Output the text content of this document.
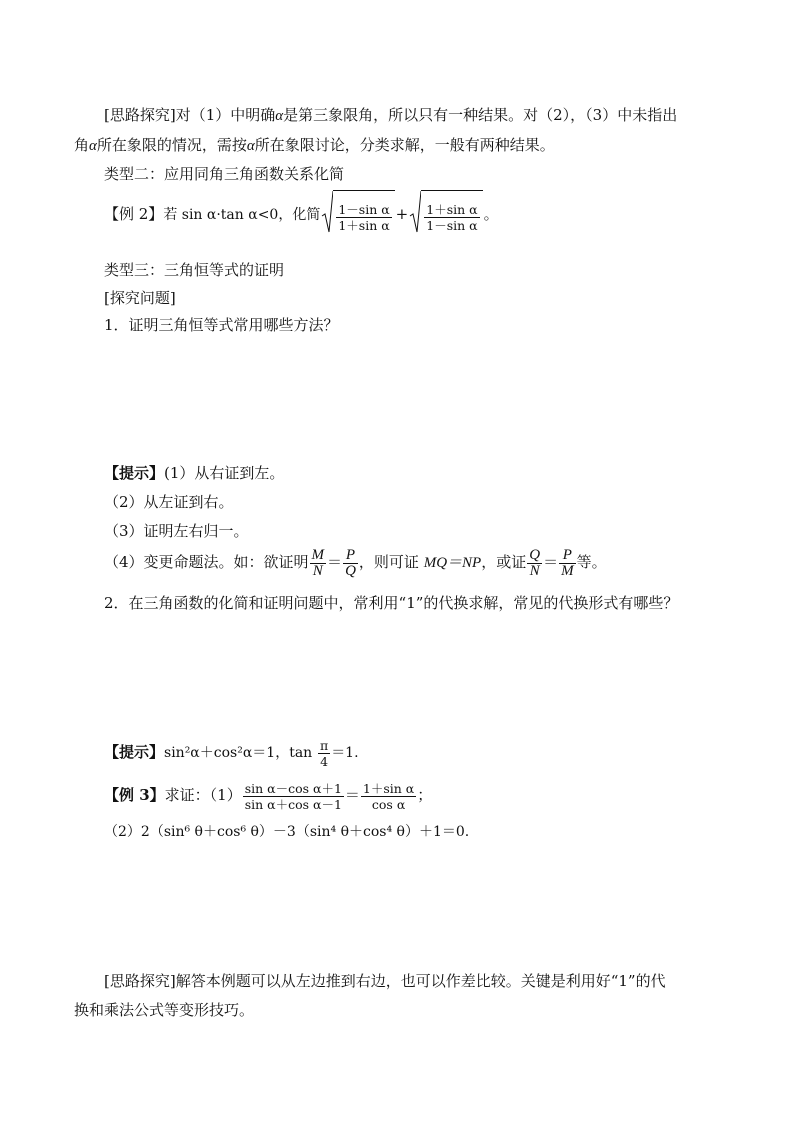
[思路探究]对（1）中明确α是第三象限角，所以只有一种结果。对（2），（3）中未指出
角α所在象限的情况，需按α所在象限讨论，分类求解，一般有两种结果。
类型二：应用同角三角函数关系化简
【例 2】若 sin α·tan α<0，化简 $\frac{\text{1－sin α}}{\text{1＋sin α}} + \frac{\text{1＋sin α}}{\text{1－sin α}}$ 。
类型三：三角恒等式的证明
[探究问题]
1．证明三角恒等式常用哪些方法？
【提示】(1）从右证到左。
（2）从左证到右。
（3）证明左右归一。
（4）变更命题法。如：欲证明 $\frac{M}{N} = \frac{P}{Q}$ ，则可证 MQ＝NP，或证 $\frac{Q}{N} = \frac{P}{M}$ 等。
2．在三角函数的化简和证明问题中，常利用“1”的代换求解，常见的代换形式有哪些？
【提示】sin²α＋cos²α＝1，$\tan \frac{\pi}{4} =1$.
【例 3】求证：$(1) \frac{\text{sin α－cos α＋1}}{\text{sin α＋cos α－1}} = \frac{\text{1＋sin α}}{\text{cos α}}$ ；
（2）2（sin⁶ θ＋cos⁶ θ）－3（sin⁴ θ＋cos⁴ θ）＋1＝0.
[思路探究]解答本例题可以从左边推到右边，也可以作差比较。关键是利用好“1”的代
换和乘法公式等变形技巧。
